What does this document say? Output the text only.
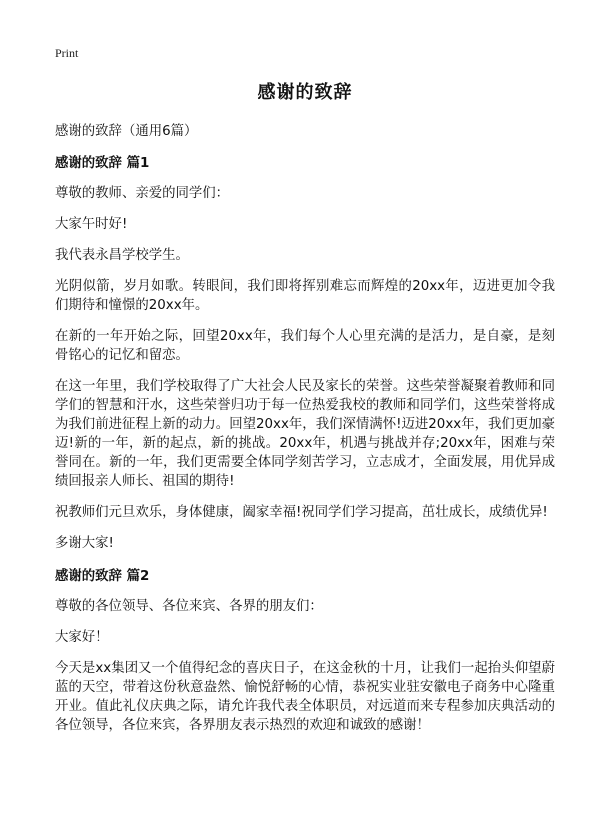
Print
感谢的致辞
感谢的致辞（通用6篇）
感谢的致辞 篇1

尊敬的教师、亲爱的同学们：

大家午时好!

我代表永昌学校学生。

光阴似箭，岁月如歌。转眼间，我们即将挥别难忘而辉煌的20xx年，迈进更加令我们期待和憧憬的20xx年。

在新的一年开始之际，回望20xx年，我们每个人心里充满的是活力，是自豪，是刻骨铭心的记忆和留恋。

在这一年里，我们学校取得了广大社会人民及家长的荣誉。这些荣誉凝聚着教师和同学们的智慧和汗水，这些荣誉归功于每一位热爱我校的教师和同学们，这些荣誉将成为我们前进征程上新的动力。回望20xx年，我们深情满怀!迈进20xx年，我们更加豪迈!新的一年，新的起点，新的挑战。20xx年，机遇与挑战并存;20xx年，困难与荣誉同在。新的一年，我们更需要全体同学刻苦学习，立志成才，全面发展，用优异成绩回报亲人师长、祖国的期待!

祝教师们元旦欢乐，身体健康，阖家幸福!祝同学们学习提高，茁壮成长，成绩优异!

多谢大家!

感谢的致辞 篇2

尊敬的各位领导、各位来宾、各界的朋友们：

大家好！

今天是xx集团又一个值得纪念的喜庆日子，在这金秋的十月，让我们一起抬头仰望蔚蓝的天空，带着这份秋意盎然、愉悦舒畅的心情，恭祝实业驻安徽电子商务中心隆重开业。值此礼仪庆典之际，请允许我代表全体职员，对远道而来专程参加庆典活动的各位领导，各位来宾，各界朋友表示热烈的欢迎和诚致的感谢！
